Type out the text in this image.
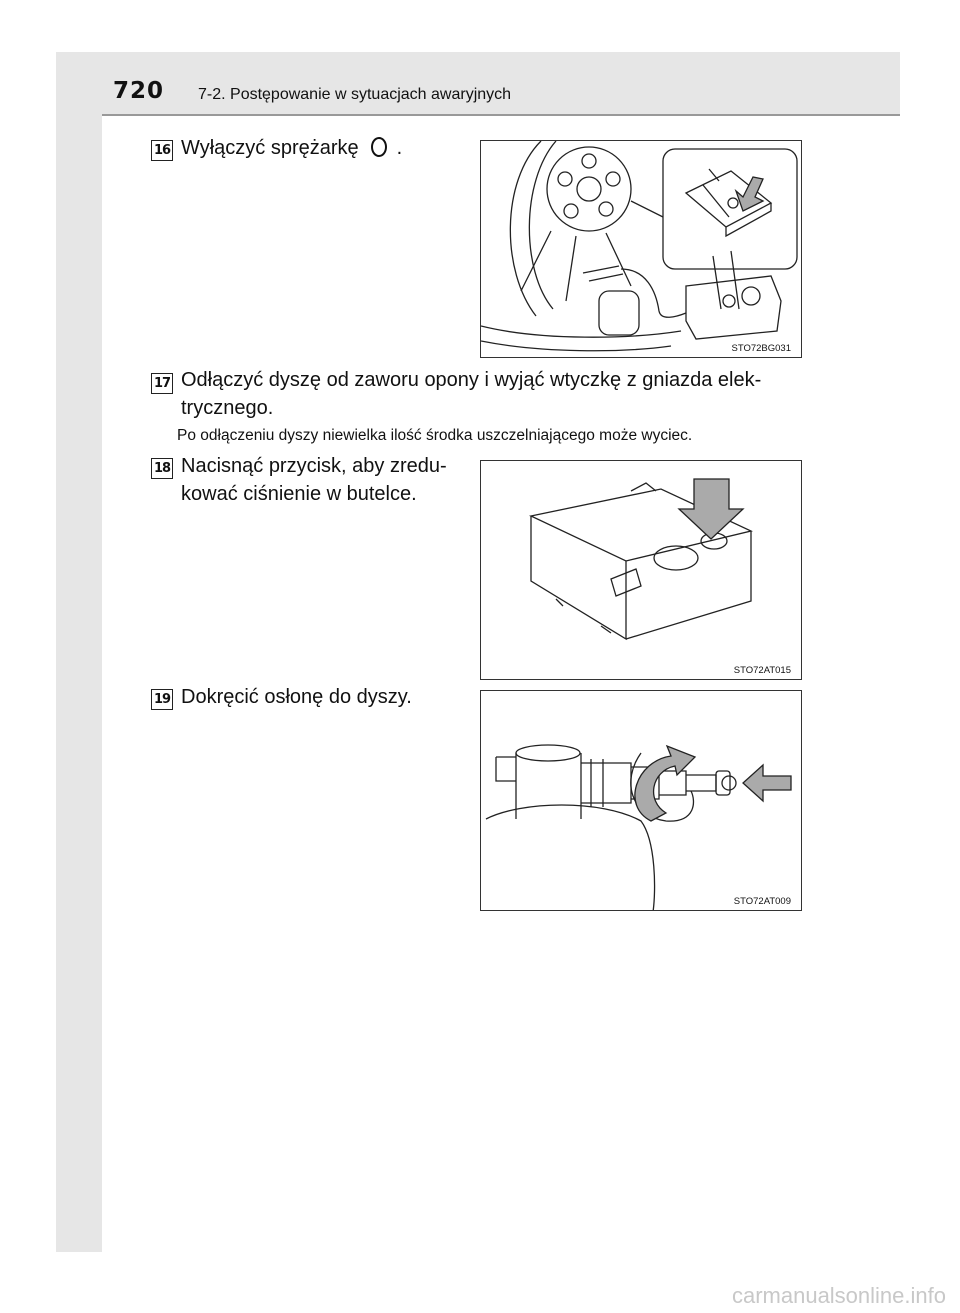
720 7-2. Postępowanie w sytuacjach awaryjnych
16 Wyłączyć sprężarkę .
STO72BG031
17 Odłączyć dyszę od zaworu opony i wyjąć wtyczkę z gniazda elek-
trycznego.
Po odłączeniu dyszy niewielka ilość środka uszczelniającego może wyciec.
18 Nacisnąć przycisk, aby zredu-
kować ciśnienie w butelce.
STO72AT015
19 Dokręcić osłonę do dyszy.
STO72AT009
carmanualsonline.info
